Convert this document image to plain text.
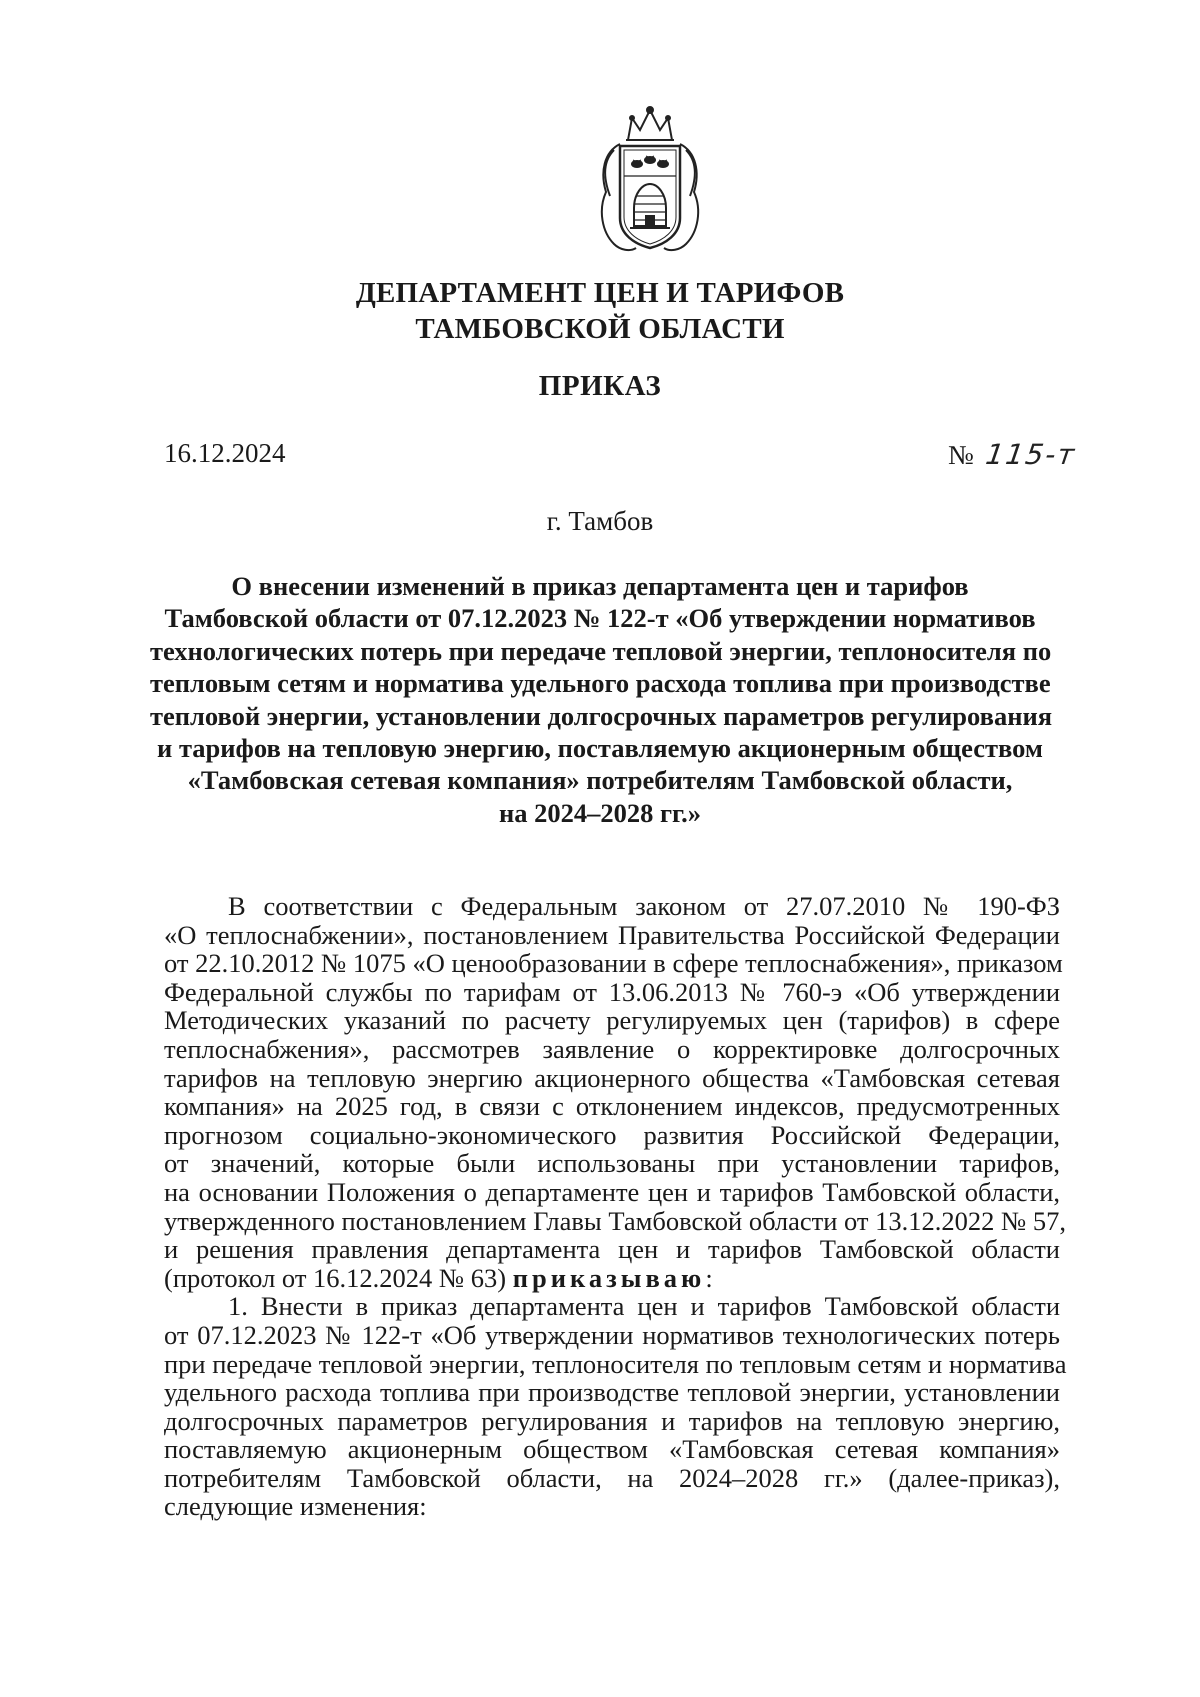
ДЕПАРТАМЕНТ ЦЕН И ТАРИФОВ
ТАМБОВСКОЙ ОБЛАСТИ
ПРИКАЗ
16.12.2024	№ 115-т
г. Тамбов
О внесении изменений в приказ департамента цен и тарифов
Тамбовской области от 07.12.2023 № 122-т «Об утверждении нормативов
технологических потерь при передаче тепловой энергии, теплоносителя по
тепловым сетям и норматива удельного расхода топлива при производстве
тепловой энергии, установлении долгосрочных параметров регулирования
и тарифов на тепловую энергию, поставляемую акционерным обществом
«Тамбовская сетевая компания» потребителям Тамбовской области,
на 2024–2028 гг.»
В соответствии с Федеральным законом от 27.07.2010 № 190-ФЗ
«О теплоснабжении», постановлением Правительства Российской Федерации
от 22.10.2012 № 1075 «О ценообразовании в сфере теплоснабжения», приказом
Федеральной службы по тарифам от 13.06.2013 № 760-э «Об утверждении
Методических указаний по расчету регулируемых цен (тарифов) в сфере
теплоснабжения», рассмотрев заявление о корректировке долгосрочных
тарифов на тепловую энергию акционерного общества «Тамбовская сетевая
компания» на 2025 год, в связи с отклонением индексов, предусмотренных
прогнозом социально-экономического развития Российской Федерации,
от значений, которые были использованы при установлении тарифов,
на основании Положения о департаменте цен и тарифов Тамбовской области,
утвержденного постановлением Главы Тамбовской области от 13.12.2022 № 57,
и решения правления департамента цен и тарифов Тамбовской области
(протокол от 16.12.2024 № 63) приказываю:
1. Внести в приказ департамента цен и тарифов Тамбовской области
от 07.12.2023 № 122-т «Об утверждении нормативов технологических потерь
при передаче тепловой энергии, теплоносителя по тепловым сетям и норматива
удельного расхода топлива при производстве тепловой энергии, установлении
долгосрочных параметров регулирования и тарифов на тепловую энергию,
поставляемую акционерным обществом «Тамбовская сетевая компания»
потребителям Тамбовской области, на 2024–2028 гг.» (далее-приказ),
следующие изменения:
